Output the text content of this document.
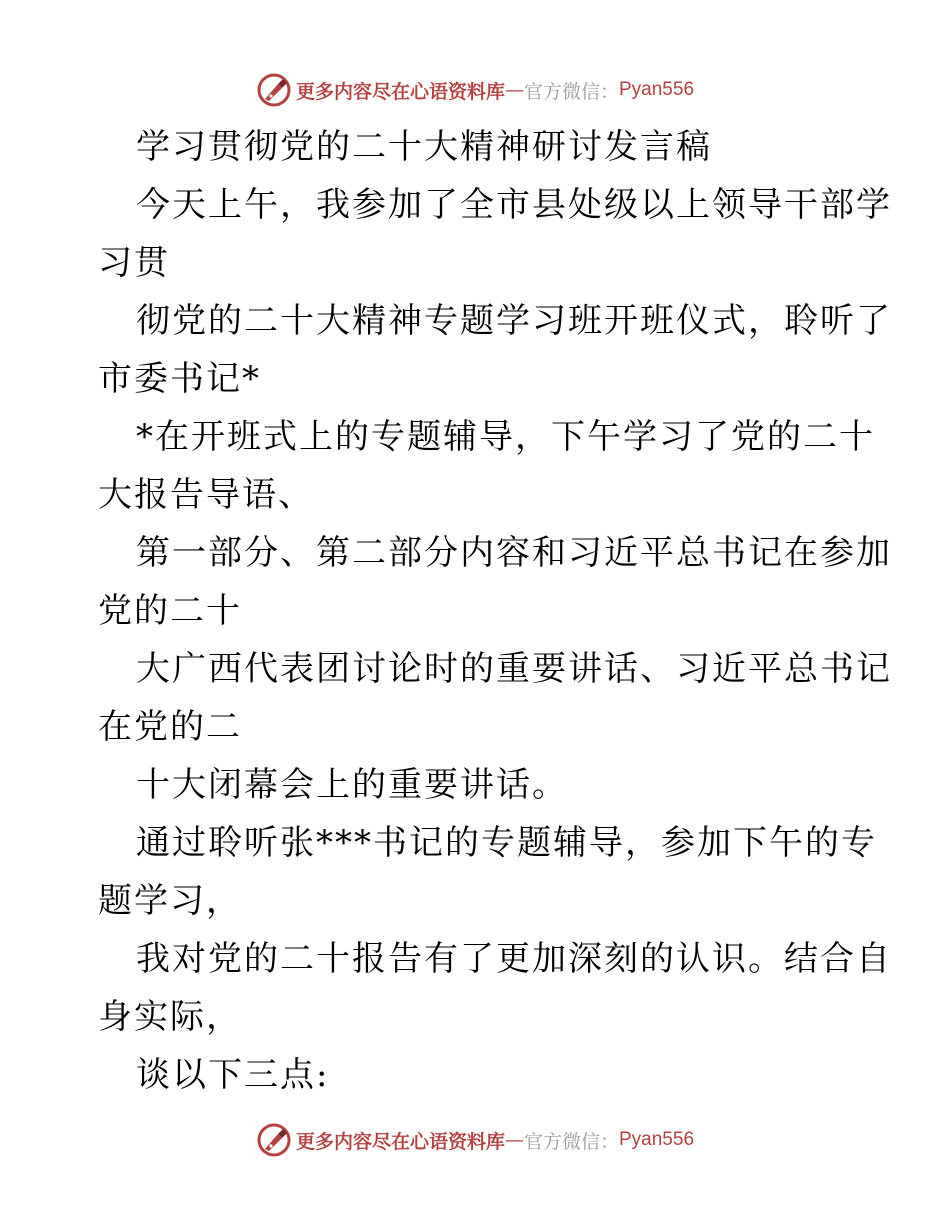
更多内容尽在心语资料库 — 官方微信： Pyan556
学习贯彻党的二十大精神研讨发言稿
今天上午，我参加了全市县处级以上领导干部学
习贯
彻党的二十大精神专题学习班开班仪式，聆听了
市委书记*
*在开班式上的专题辅导，下午学习了党的二十
大报告导语、
第一部分、第二部分内容和习近平总书记在参加
党的二十
大广西代表团讨论时的重要讲话、习近平总书记
在党的二
十大闭幕会上的重要讲话。
通过聆听张***书记的专题辅导，参加下午的专
题学习，
我对党的二十报告有了更加深刻的认识。结合自
身实际，
谈以下三点:
更多内容尽在心语资料库 — 官方微信： Pyan556
